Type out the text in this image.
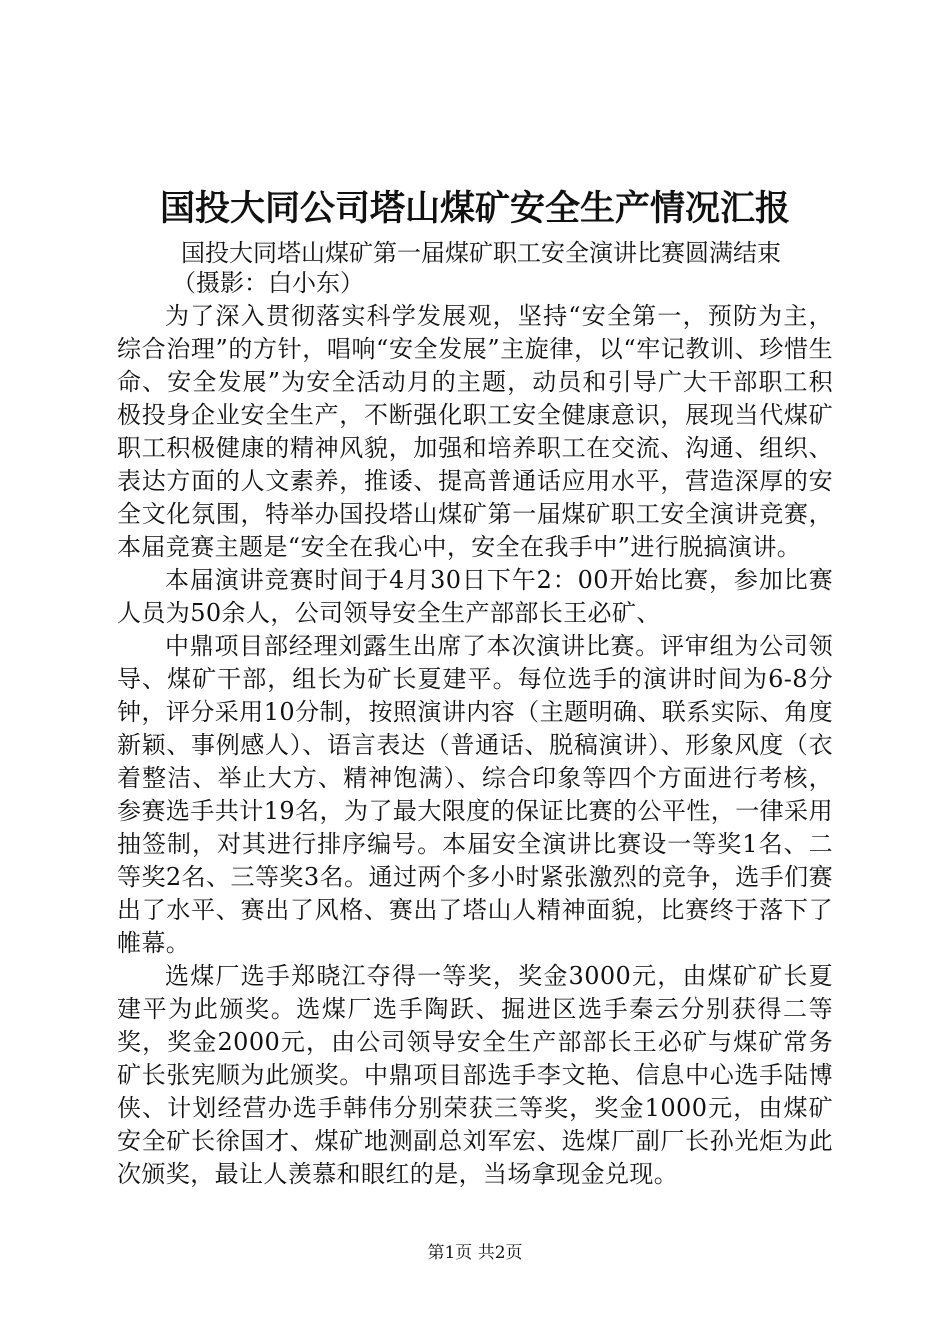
国投大同公司塔山煤矿安全生产情况汇报
国投大同塔山煤矿第一届煤矿职工安全演讲比赛圆满结束
（摄影：白小东）

为了深入贯彻落实科学发展观，坚持“安全第一，预防为主，综合治理”的方针，唱响“安全发展”主旋律，以“牢记教训、珍惜生命、安全发展”为安全活动月的主题，动员和引导广大干部职工积极投身企业安全生产，不断强化职工安全健康意识，展现当代煤矿职工积极健康的精神风貌，加强和培养职工在交流、沟通、组织、表达方面的人文素养，推诿、提高普通话应用水平，营造深厚的安全文化氛围，特举办国投塔山煤矿第一届煤矿职工安全演讲竞赛，本届竞赛主题是“安全在我心中，安全在我手中”进行脱搞演讲。

本届演讲竞赛时间于4月30日下午2：00开始比赛，参加比赛人员为50余人，公司领导安全生产部部长王必矿、

中鼎项目部经理刘露生出席了本次演讲比赛。评审组为公司领导、煤矿干部，组长为矿长夏建平。每位选手的演讲时间为6-8分钟，评分采用10分制，按照演讲内容（主题明确、联系实际、角度新颖、事例感人）、语言表达（普通话、脱稿演讲）、形象风度（衣着整洁、举止大方、精神饱满）、综合印象等四个方面进行考核，参赛选手共计19名，为了最大限度的保证比赛的公平性，一律采用抽签制，对其进行排序编号。本届安全演讲比赛设一等奖1名、二等奖2名、三等奖3名。通过两个多小时紧张激烈的竞争，选手们赛出了水平、赛出了风格、赛出了塔山人精神面貌，比赛终于落下了帷幕。

选煤厂选手郑晓江夺得一等奖，奖金3000元，由煤矿矿长夏建平为此颁奖。选煤厂选手陶跃、掘进区选手秦云分别获得二等奖，奖金2000元，由公司领导安全生产部部长王必矿与煤矿常务矿长张宪顺为此颁奖。中鼎项目部选手李文艳、信息中心选手陆博侠、计划经营办选手韩伟分别荣获三等奖，奖金1000元，由煤矿安全矿长徐国才、煤矿地测副总刘军宏、选煤厂副厂长孙光炬为此次颁奖，最让人羡慕和眼红的是，当场拿现金兑现。

第1页 共2页
